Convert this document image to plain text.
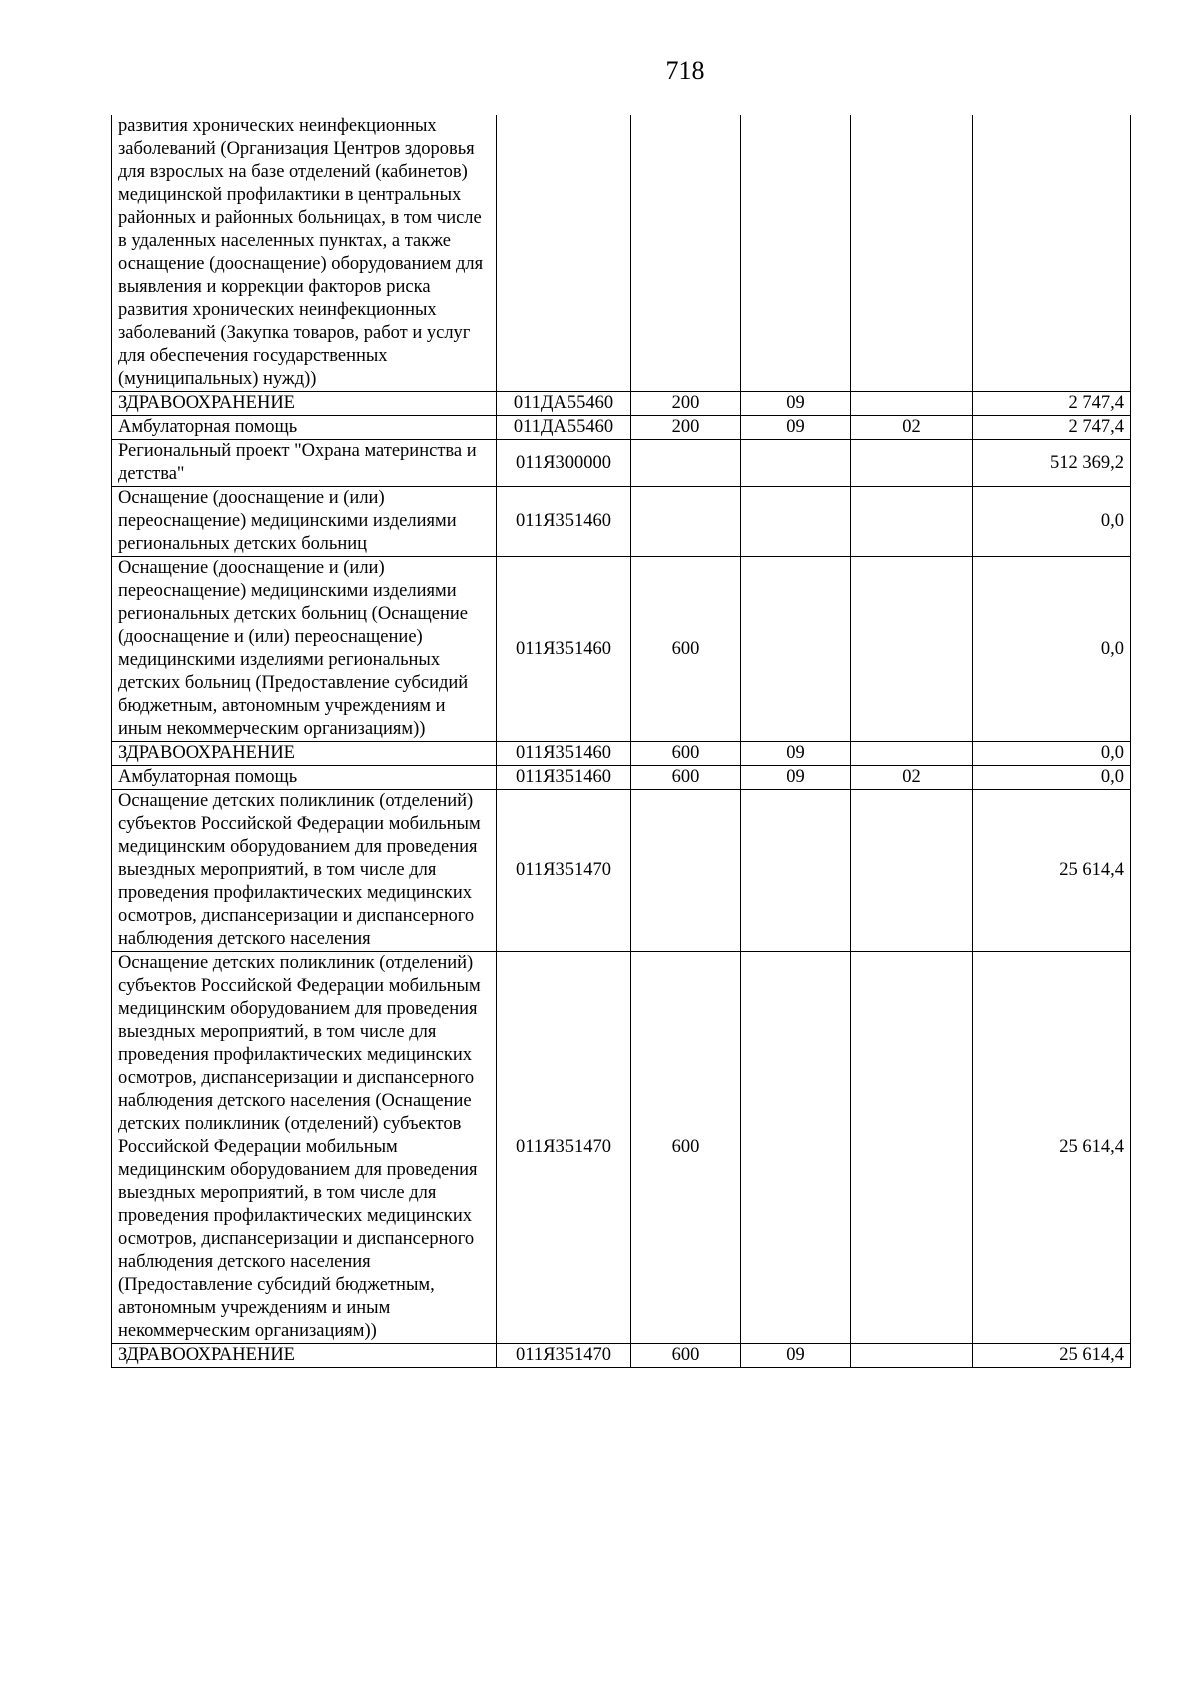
718
развития хронических неинфекционных заболеваний (Организация Центров здоровья для взрослых на базе отделений (кабинетов) медицинской профилактики в центральных районных и районных больницах, в том числе в удаленных населенных пунктах, а также оснащение (дооснащение) оборудованием для выявления и коррекции факторов риска развития хронических неинфекционных заболеваний (Закупка товаров, работ и услуг для обеспечения государственных (муниципальных) нужд))					
ЗДРАВООХРАНЕНИЕ	011ДА55460	200	09		2 747,4
Амбулаторная помощь	011ДА55460	200	09	02	2 747,4
Региональный проект "Охрана материнства и детства"	011Я300000				512 369,2
Оснащение (дооснащение и (или) переоснащение) медицинскими изделиями региональных детских больниц	011Я351460				0,0
Оснащение (дооснащение и (или) переоснащение) медицинскими изделиями региональных детских больниц (Оснащение (дооснащение и (или) переоснащение) медицинскими изделиями региональных детских больниц (Предоставление субсидий бюджетным, автономным учреждениям и иным некоммерческим организациям))	011Я351460	600			0,0
ЗДРАВООХРАНЕНИЕ	011Я351460	600	09		0,0
Амбулаторная помощь	011Я351460	600	09	02	0,0
Оснащение детских поликлиник (отделений) субъектов Российской Федерации мобильным медицинским оборудованием для проведения выездных мероприятий, в том числе для проведения профилактических медицинских осмотров, диспансеризации и диспансерного наблюдения детского населения	011Я351470				25 614,4
Оснащение детских поликлиник (отделений) субъектов Российской Федерации мобильным медицинским оборудованием для проведения выездных мероприятий, в том числе для проведения профилактических медицинских осмотров, диспансеризации и диспансерного наблюдения детского населения (Оснащение детских поликлиник (отделений) субъектов Российской Федерации мобильным медицинским оборудованием для проведения выездных мероприятий, в том числе для проведения профилактических медицинских осмотров, диспансеризации и диспансерного наблюдения детского населения (Предоставление субсидий бюджетным, автономным учреждениям и иным некоммерческим организациям))	011Я351470	600			25 614,4
ЗДРАВООХРАНЕНИЕ	011Я351470	600	09		25 614,4
